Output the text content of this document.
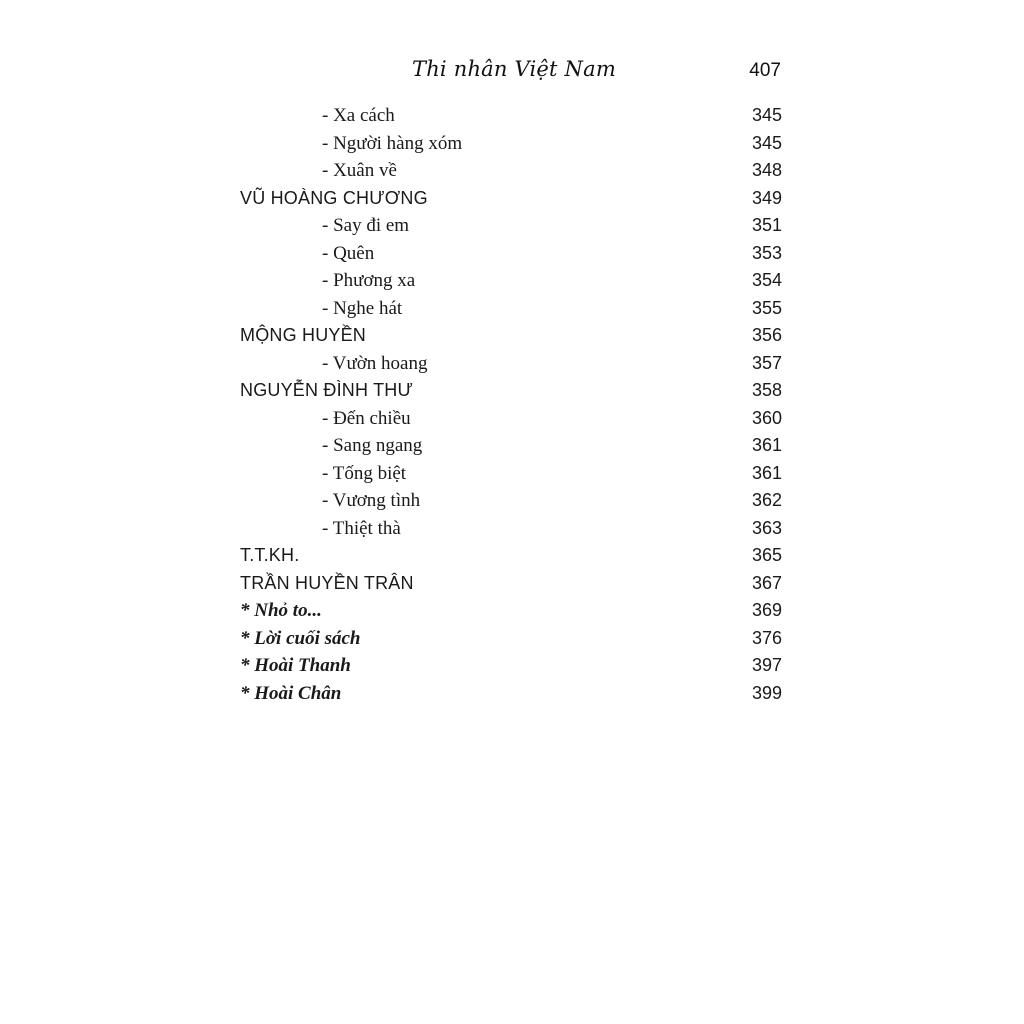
Thi nhân Việt Nam	407
- Xa cách	345
- Người hàng xóm	345
- Xuân về	348
VŨ HOÀNG CHƯƠNG	349
- Say đi em	351
- Quên	353
- Phương xa	354
- Nghe hát	355
MỘNG HUYỀN	356
- Vườn hoang	357
NGUYỄN ĐÌNH THƯ	358
- Đến chiều	360
- Sang ngang	361
- Tống biệt	361
- Vương tình	362
- Thiệt thà	363
T.T.KH.	365
TRẦN HUYỀN TRÂN	367
* Nhỏ to...	369
* Lời cuối sách	376
* Hoài Thanh	397
* Hoài Chân	399
